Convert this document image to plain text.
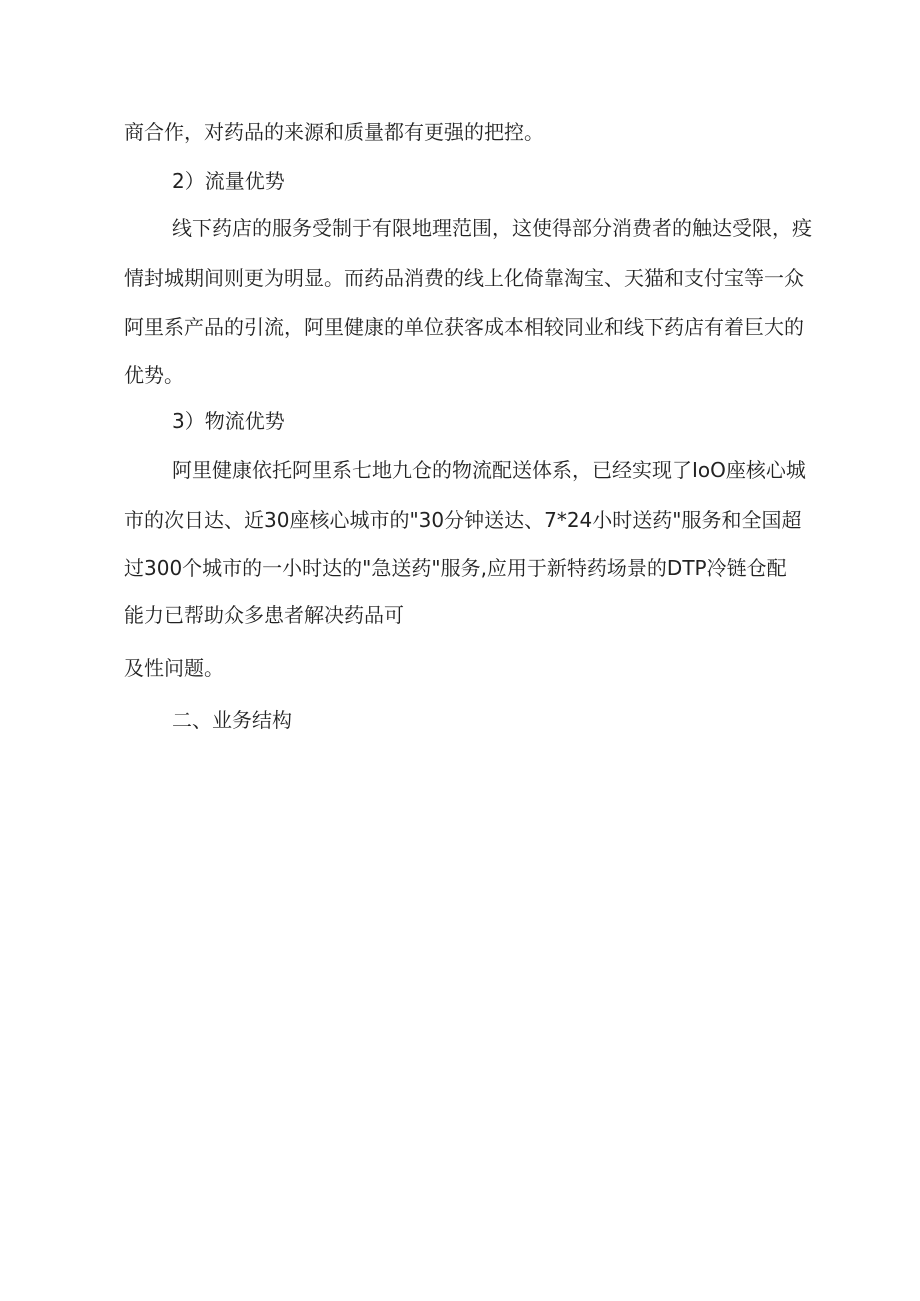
商合作，对药品的来源和质量都有更强的把控。
2）流量优势
线下药店的服务受制于有限地理范围，这使得部分消费者的触达受限，疫
情封城期间则更为明显。而药品消费的线上化倚靠淘宝、天猫和支付宝等一众
阿里系产品的引流，阿里健康的单位获客成本相较同业和线下药店有着巨大的
优势。
3）物流优势
阿里健康依托阿里系七地九仓的物流配送体系，已经实现了IoO座核心城
市的次日达、近30座核心城市的"30分钟送达、7*24小时送药"服务和全国超
过300个城市的一小时达的"急送药"服务,应用于新特药场景的DTP冷链仓配
能力已帮助众多患者解决药品可
及性问题。
二、业务结构
